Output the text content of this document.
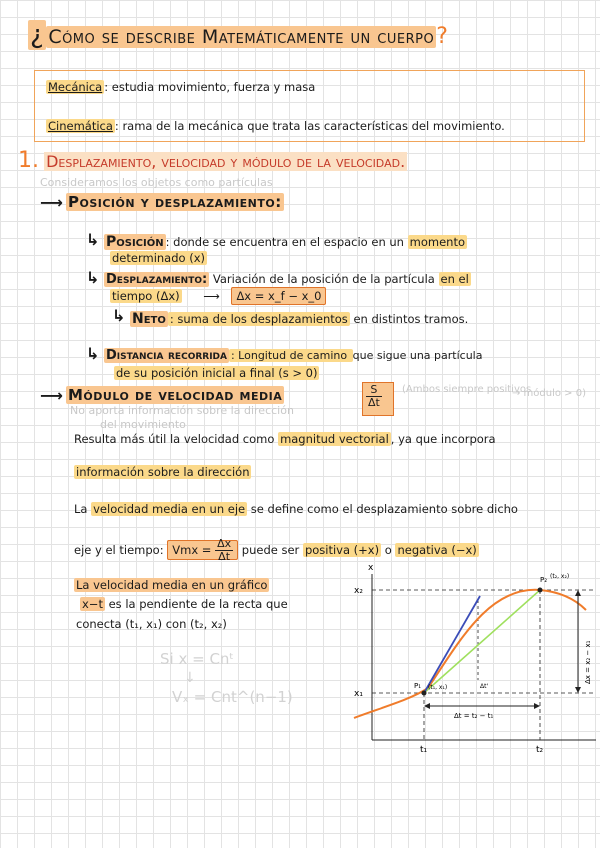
¿ Cómo se describe Matemáticamente un cuerpo?
Mecánica : estudia movimiento, fuerza y masa
Cinemática : rama de la mecánica que trata las características del movimiento.
1. Desplazamiento, velocidad y módulo de la velocidad.
Consideramos los objetos como partículas
⟶ Posición y desplazamiento:
↳ Posición : donde se encuentra en el espacio en un momento
determinado (x)
↳ Desplazamiento: Variación de la posición de la partícula en el
tiempo (Δx) ⟶ Δx = x_f − x_0
↳ Neto : suma de los desplazamientos en distintos tramos.
↳ Distancia recorrida : Longitud de camino que sigue una partícula
de su posición inicial a final (s > 0)
⟶ Módulo de velocidad media	$\frac{S}{\Delta t}$ (Ambos siempre positivos
→ módulo > 0)
No aporta información sobre la dirección
del movimiento
Resulta más útil la velocidad como magnitud vectorial , ya que incorpora
información sobre la dirección
La velocidad media en un eje se define como el desplazamiento sobre dicho
eje y el tiempo: Vmx = $\frac{\Delta x}{\Delta t}$ puede ser positiva (+x) o negativa (−x)
La velocidad media en un gráfico
x−t es la pendiente de la recta que
conecta (t₁, x₁) con (t₂, x₂)
Si x = Cnᵗ
↓
Vₓ = Cnt^(n−1)
x
x₂
x₁
t₁	t₂
P₁ (t₁, x₁)
P₂ (t₂, x₂)
Δt = t₂ − t₁
Δt'
Δx = x₂ − x₁
